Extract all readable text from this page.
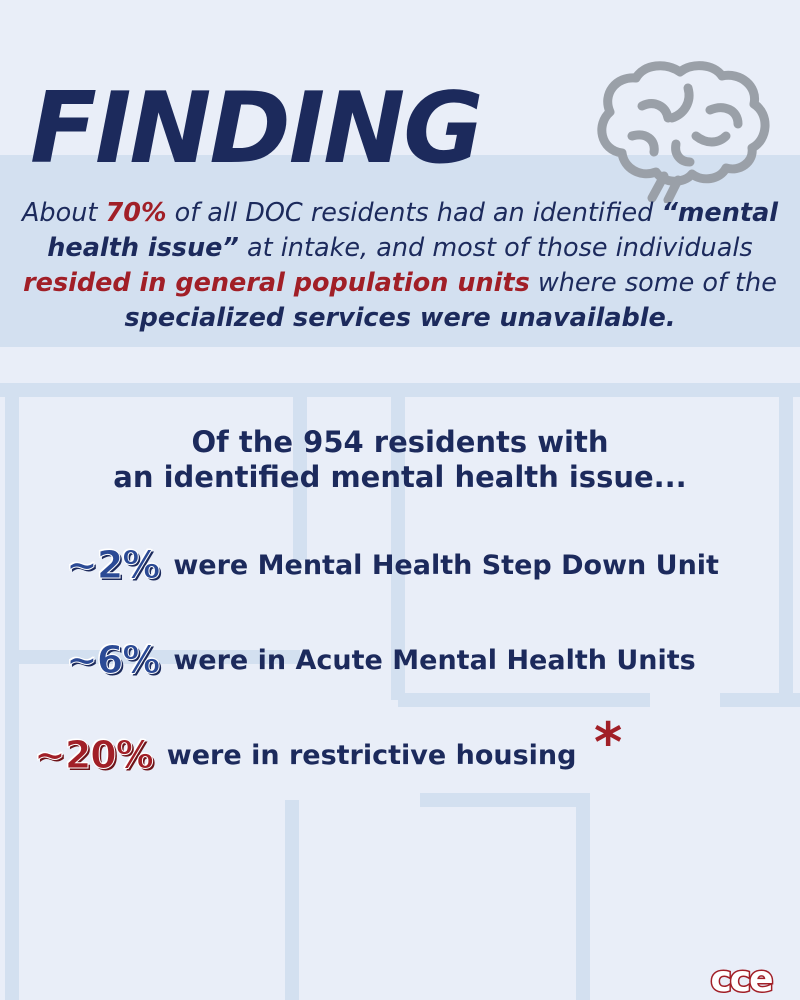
FINDING
About 70% of all DOC residents had an identified “mental health issue” at intake, and most of those individuals resided in general population units where some of the specialized services were unavailable.
Of the 954 residents with
an identified mental health issue...
~2% were Mental Health Step Down Unit
~6% were in Acute Mental Health Units
~20% were in restrictive housing *
cce
